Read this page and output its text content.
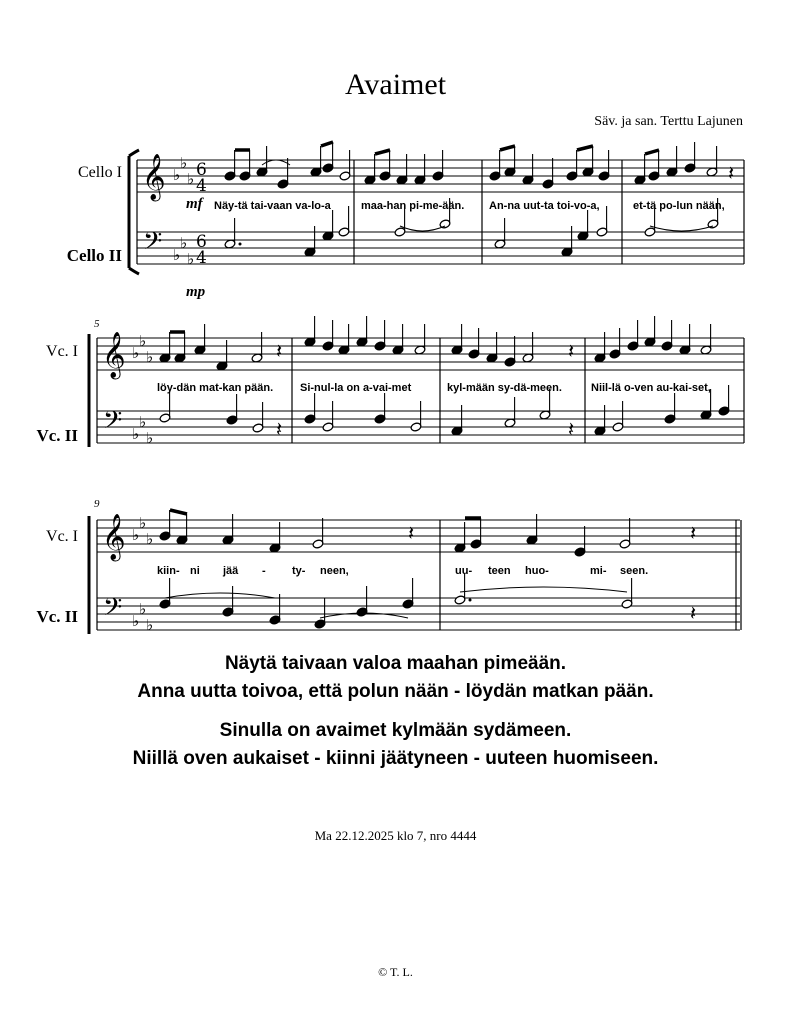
Avaimet
Säv. ja san. Terttu Lajunen
Cello I
Cello II
Vc. I
Vc. II
Vc. I
Vc. II
mf
mp
5
9
Näy-tä tai-vaan va-lo-a	maa-han pi-me-ään. An-na uut-ta toi-vo-a,	et-tä po-lun nään,
löy-dän mat-kan pään. Si-nul-la on a-vai-met	kyl-mään sy-dä-meen.	Niil-lä o-ven au-kai-set,
kiin- ni jää - ty- neen,	uu- teen huo-	mi- seen.
𝄞
𝄢
♭
♭
♭
♭
♭
♭
6
4
6
4
𝄽
𝄞
𝄢
♭
♭
♭
♭
♭
♭
𝄽	𝄽
𝄽	𝄽
𝄞
𝄢
♭
♭
♭
♭
♭
♭
𝄽	𝄽
𝄽
Näytä taivaan valoa maahan pimeään.
Anna uutta toivoa, että polun nään - löydän matkan pään.
Sinulla on avaimet kylmään sydämeen.
Niillä oven aukaiset - kiinni jäätyneen - uuteen huomiseen.
Ma 22.12.2025 klo 7, nro 4444
© T. L.
